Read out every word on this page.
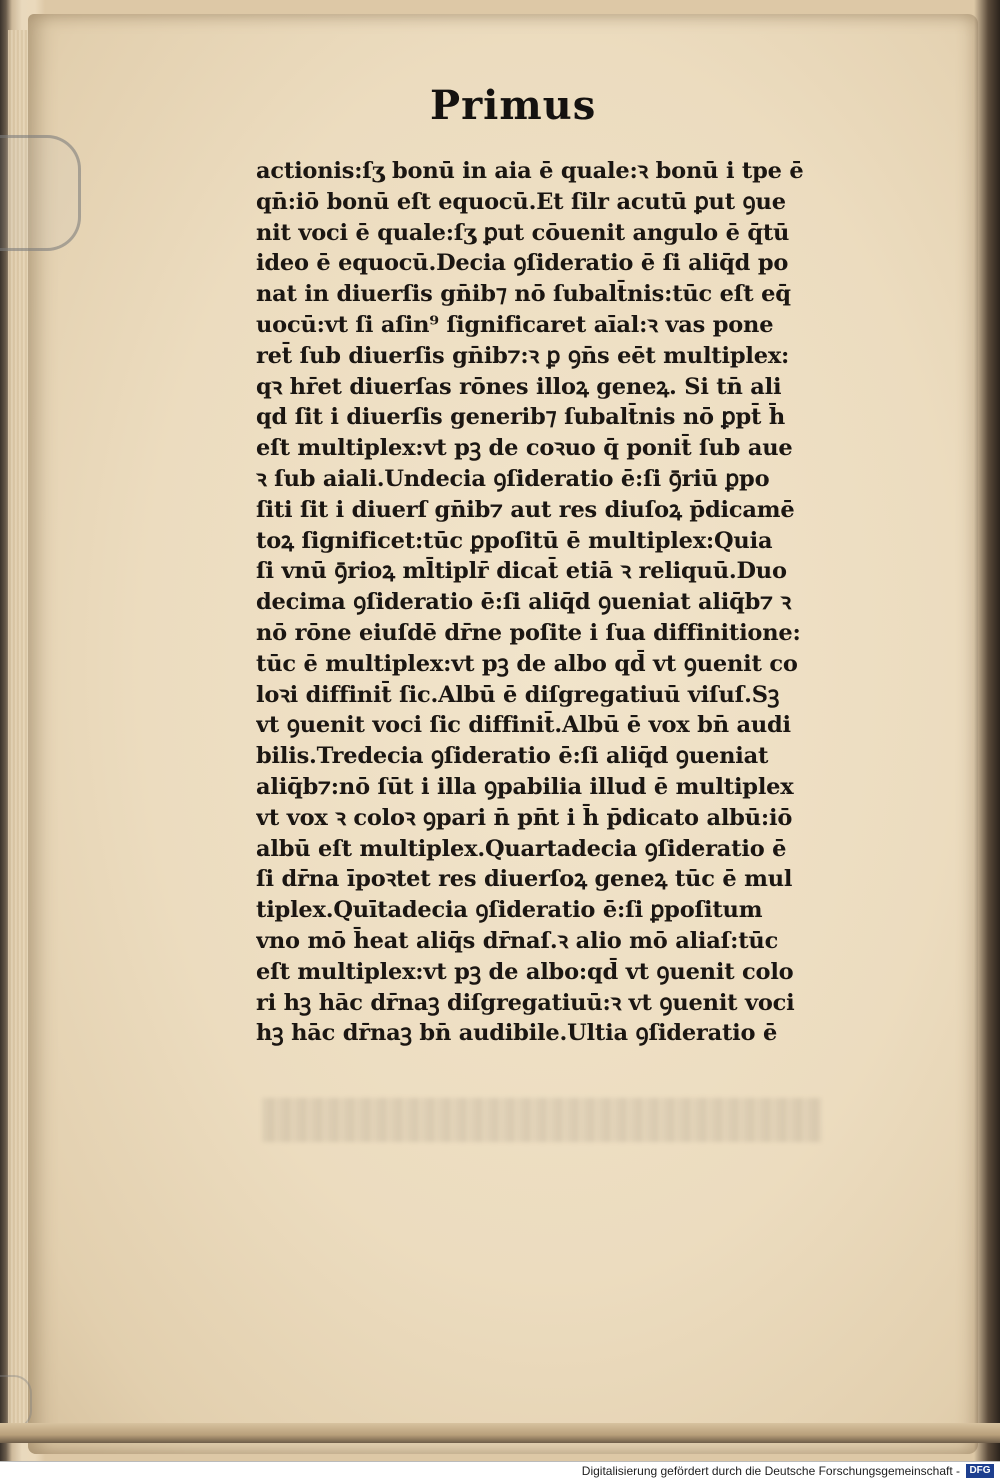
Primus
actionis:ſʒ bonū in aia ē quale:ꝛ bonū i tpe ē
qn̄:iō bonū eſt equocū.Et ſilr acutū ꝑut ꝯue
nit voci ē quale:ſʒ ꝑut cōuenit angulo ē q̄tū
ideo ē equocū.Decia ꝯſideratio ē ſi aliq̄d po
nat in diuerſis gn̄ib⁊ nō ſubalt̄nis:tūc eſt eq̄
uocū:vt ſi aſin⁹ ſignificaret aīal:ꝛ vas pone
ret̄ ſub diuerſis gn̄ib⁊:ꝛ ꝑ ꝯn̄s eēt multiplex:
qꝛ hr̄et diuerſas rōnes illoꝝ geneꝝ. Si tn̄ ali
qd ſit i diuerſis generib⁊ ſubalt̄nis nō ꝑpt̄ h̄
eſt multiplex:vt pꝫ de coꝛuo q̄ ponit̄ ſub aue
ꝛ ſub aiali.Undecia ꝯſideratio ē:ſi ꝯ̄riū ꝑpo
ſiti ſit i diuerſ gn̄ib⁊ aut res diuſoꝝ p̄dicamē
toꝝ ſignificet:tūc ꝑpoſitū ē multiplex:Quia
ſi vnū ꝯ̄rioꝝ ml̄tiplr̄ dicat̄ etiā ꝛ reliquū.Duo
decima ꝯſideratio ē:ſi aliq̄d ꝯueniat aliq̄b⁊ ꝛ
nō rōne eiuſdē dr̄ne poſite i ſua diffinitione:
tūc ē multiplex:vt pꝫ de albo qd̄ vt ꝯuenit co
loꝛi diffinit̄ ſic.Albū ē diſgregatiuū viſuſ.Sꝫ
vt ꝯuenit voci ſic diffinit̄.Albū ē vox bn̄ audi
bilis.Tredecia ꝯſideratio ē:ſi aliq̄d ꝯueniat
aliq̄b⁊:nō ſūt i illa ꝯpabilia illud ē multiplex
vt vox ꝛ coloꝛ ꝯpari n̄ pn̄t i h̄ p̄dicato albū:iō
albū eſt multiplex.Quartadecia ꝯſideratio ē
ſi dr̄na īpoꝛtet res diuerſoꝝ geneꝝ tūc ē mul
tiplex.Quītadecia ꝯſideratio ē:ſi ꝑpoſitum
vno mō h̄eat aliq̄s dr̄naſ.ꝛ alio mō aliaſ:tūc
eſt multiplex:vt pꝫ de albo:qd̄ vt ꝯuenit colo
ri hꝫ hāc dr̄naꝫ diſgregatiuū:ꝛ vt ꝯuenit voci
hꝫ hāc dr̄naꝫ bn̄ audibile.Ultia ꝯſideratio ē
Digitalisierung gefördert durch die Deutsche Forschungsgemeinschaft - DFG
